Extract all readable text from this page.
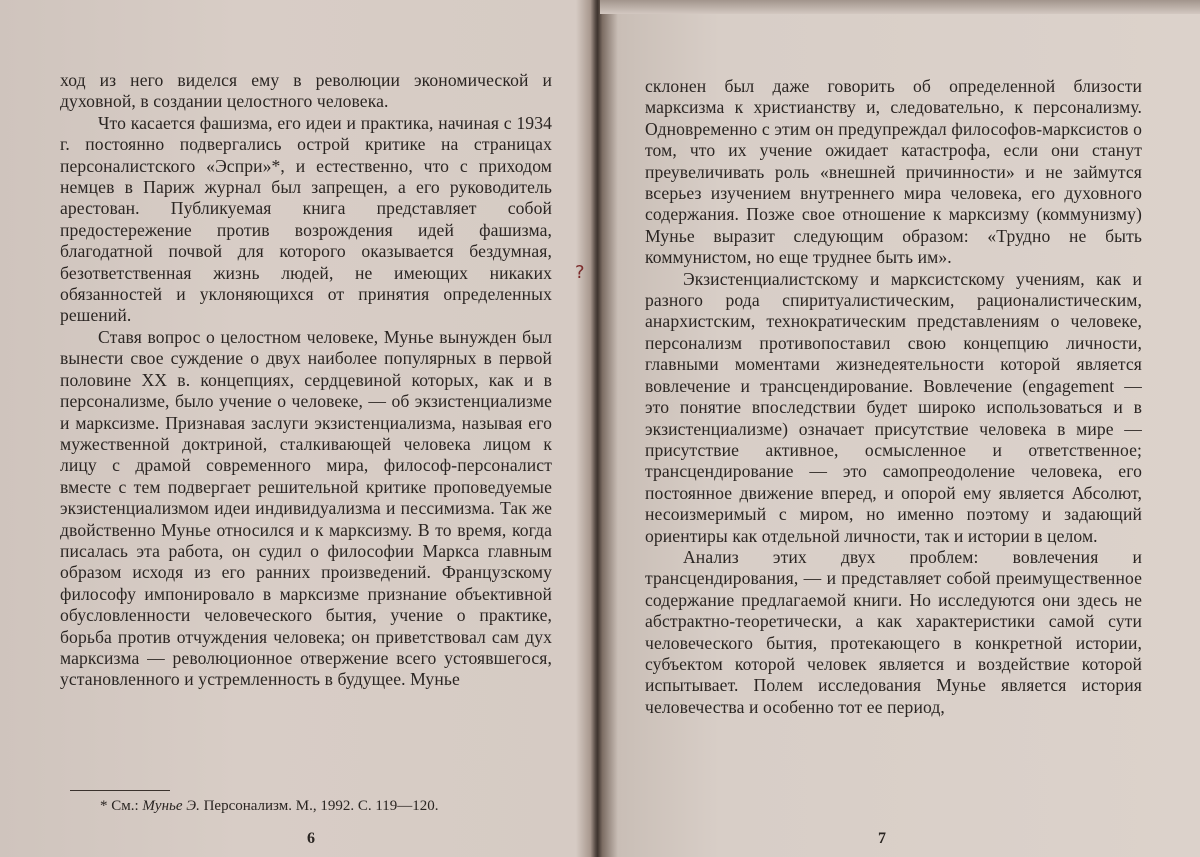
ход из него виделся ему в революции экономической и духовной, в создании целостного человека.

Что касается фашизма, его идеи и практика, начиная с 1934 г. постоянно подвергались острой критике на страницах персоналистского «Эспри»*, и естественно, что с приходом немцев в Париж журнал был запрещен, а его руководитель арестован. Публикуемая книга представляет собой предостережение против возрождения идей фашизма, благодатной почвой для которого оказывается бездумная, безответственная жизнь людей, не имеющих никаких обязанностей и уклоняющихся от принятия определенных решений.

Ставя вопрос о целостном человеке, Мунье вынужден был вынести свое суждение о двух наиболее популярных в первой половине XX в. концепциях, сердцевиной которых, как и в персонализме, было учение о человеке, — об экзистенциализме и марксизме. Признавая заслуги экзистенциализма, называя его мужественной доктриной, сталкивающей человека лицом к лицу с драмой современного мира, философ-персоналист вместе с тем подвергает решительной критике проповедуемые экзистенциализмом идеи индивидуализма и пессимизма. Так же двойственно Мунье относился и к марксизму. В то время, когда писалась эта работа, он судил о философии Маркса главным образом исходя из его ранних произведений. Французскому философу импонировало в марксизме признание объективной обусловленности человеческого бытия, учение о практике, борьба против отчуждения человека; он приветствовал сам дух марксизма — революционное отвержение всего устоявшегося, установленного и устремленность в будущее. Мунье

* См.: Мунье Э. Персонализм. М., 1992. С. 119—120.
6

склонен был даже говорить об определенной близости марксизма к христианству и, следовательно, к персонализму. Одновременно с этим он предупреждал философов-марксистов о том, что их учение ожидает катастрофа, если они станут преувеличивать роль «внешней причинности» и не займутся всерьез изучением внутреннего мира человека, его духовного содержания. Позже свое отношение к марксизму (коммунизму) Мунье выразит следующим образом: «Трудно не быть коммунистом, но еще труднее быть им».

Экзистенциалистскому и марксистскому учениям, как и разного рода спиритуалистическим, рационалистическим, анархистским, технократическим представлениям о человеке, персонализм противопоставил свою концепцию личности, главными моментами жизнедеятельности которой является вовлечение и трансцендирование. Вовлечение (engagement — это понятие впоследствии будет широко использоваться и в экзистенциализме) означает присутствие человека в мире — присутствие активное, осмысленное и ответственное; трансцендирование — это самопреодоление человека, его постоянное движение вперед, и опорой ему является Абсолют, несоизмеримый с миром, но именно поэтому и задающий ориентиры как отдельной личности, так и истории в целом.

Анализ этих двух проблем: вовлечения и трансцендирования, — и представляет собой преимущественное содержание предлагаемой книги. Но исследуются они здесь не абстрактно-теоретически, а как характеристики самой сути человеческого бытия, протекающего в конкретной истории, субъектом которой человек является и воздействие которой испытывает. Полем исследования Мунье является история человечества и особенно тот ее период,

7
?
